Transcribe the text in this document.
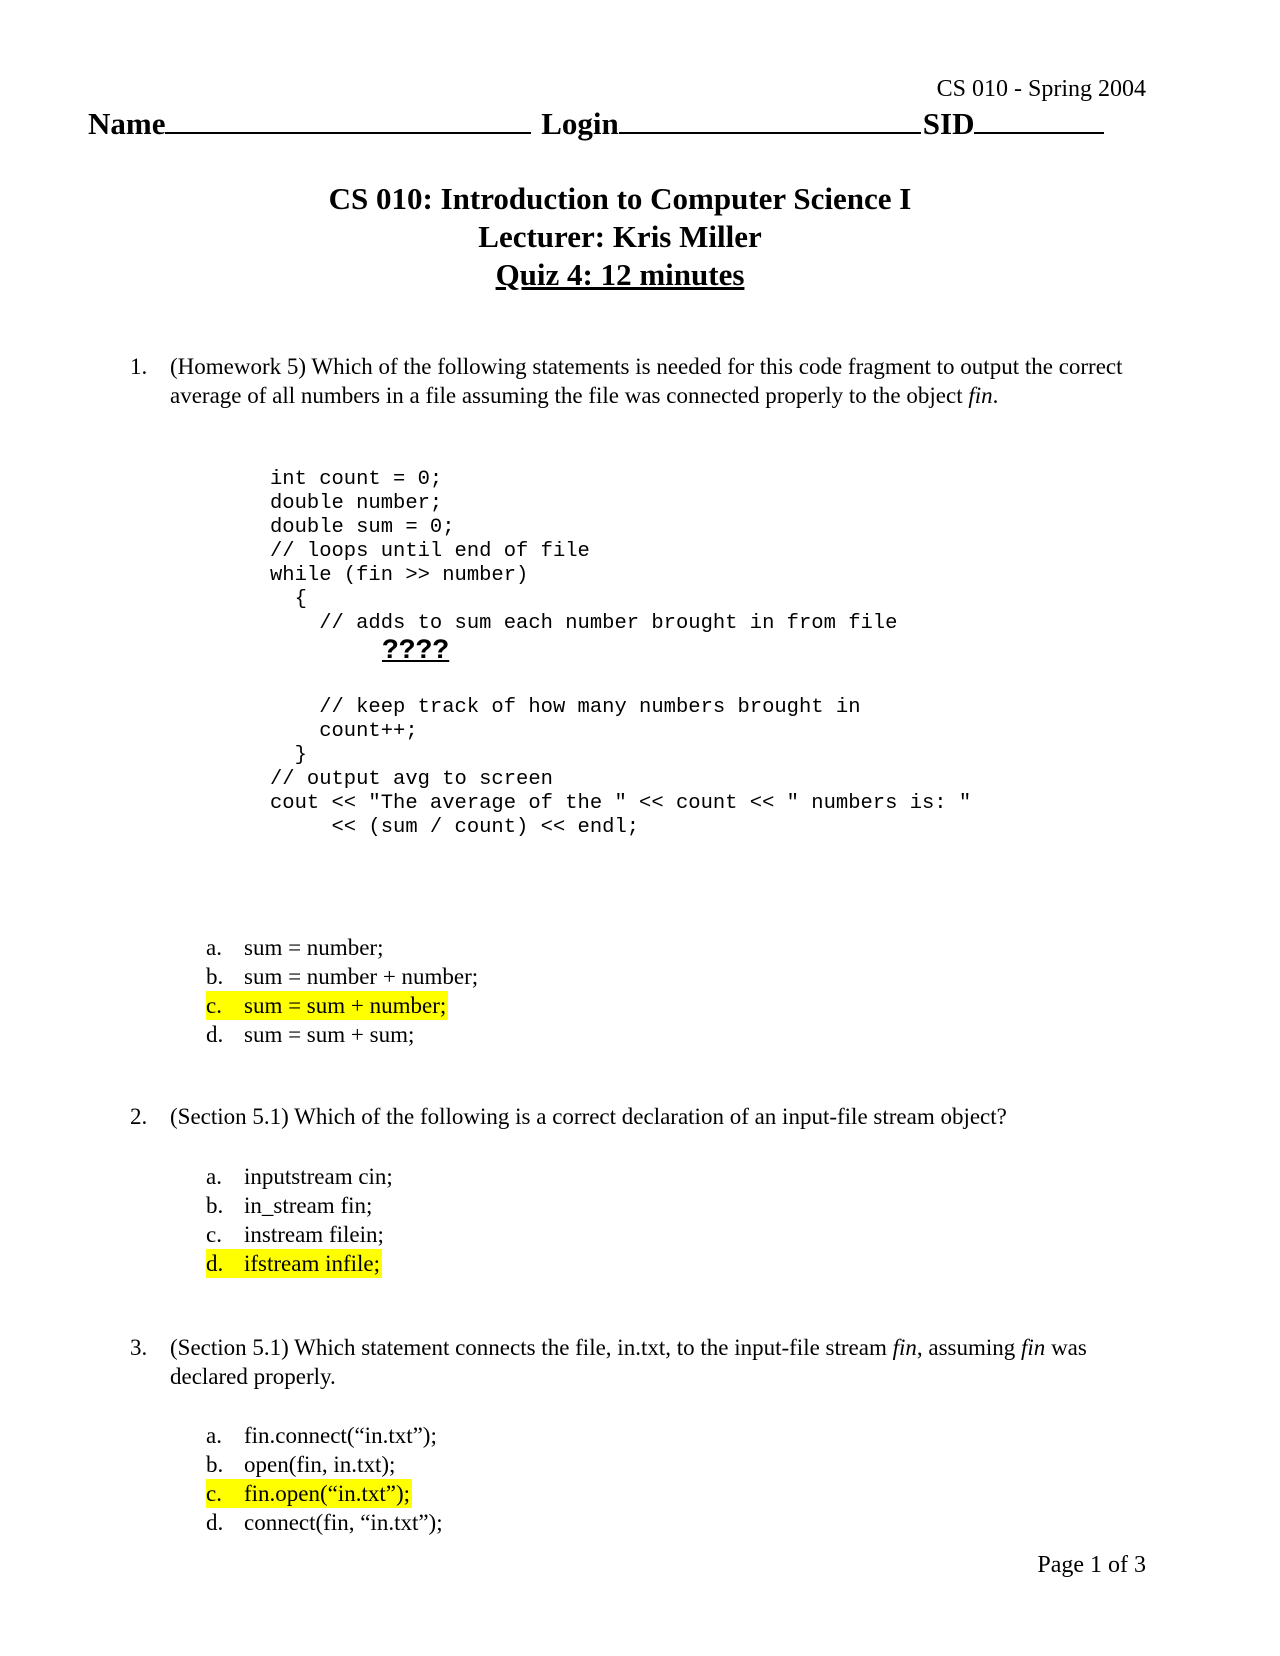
CS 010 - Spring 2004
Name	Login	SID
CS 010: Introduction to Computer Science I
Lecturer: Kris Miller
Quiz 4: 12 minutes
1. (Homework 5) Which of the following statements is needed for this code fragment to output the correct average of all numbers in a file assuming the file was connected properly to the object fin.
int count = 0;
double number;
double sum = 0;
// loops until end of file
while (fin >> number)
{
// adds to sum each number brought in from file
????
// keep track of how many numbers brought in
count++;
}
// output avg to screen
cout << "The average of the " << count << " numbers is: "
<< (sum / count) << endl;
a. sum = number;
b. sum = number + number;
c. sum = sum + number;
d. sum = sum + sum;
2. (Section 5.1) Which of the following is a correct declaration of an input-file stream object?
a. inputstream cin;
b. in_stream fin;
c. instream filein;
d. ifstream infile;
3. (Section 5.1) Which statement connects the file, in.txt, to the input-file stream fin, assuming fin was declared properly.
a. fin.connect(“in.txt”);
b. open(fin, in.txt);
c. fin.open(“in.txt”);
d. connect(fin, “in.txt”);
Page 1 of 3
